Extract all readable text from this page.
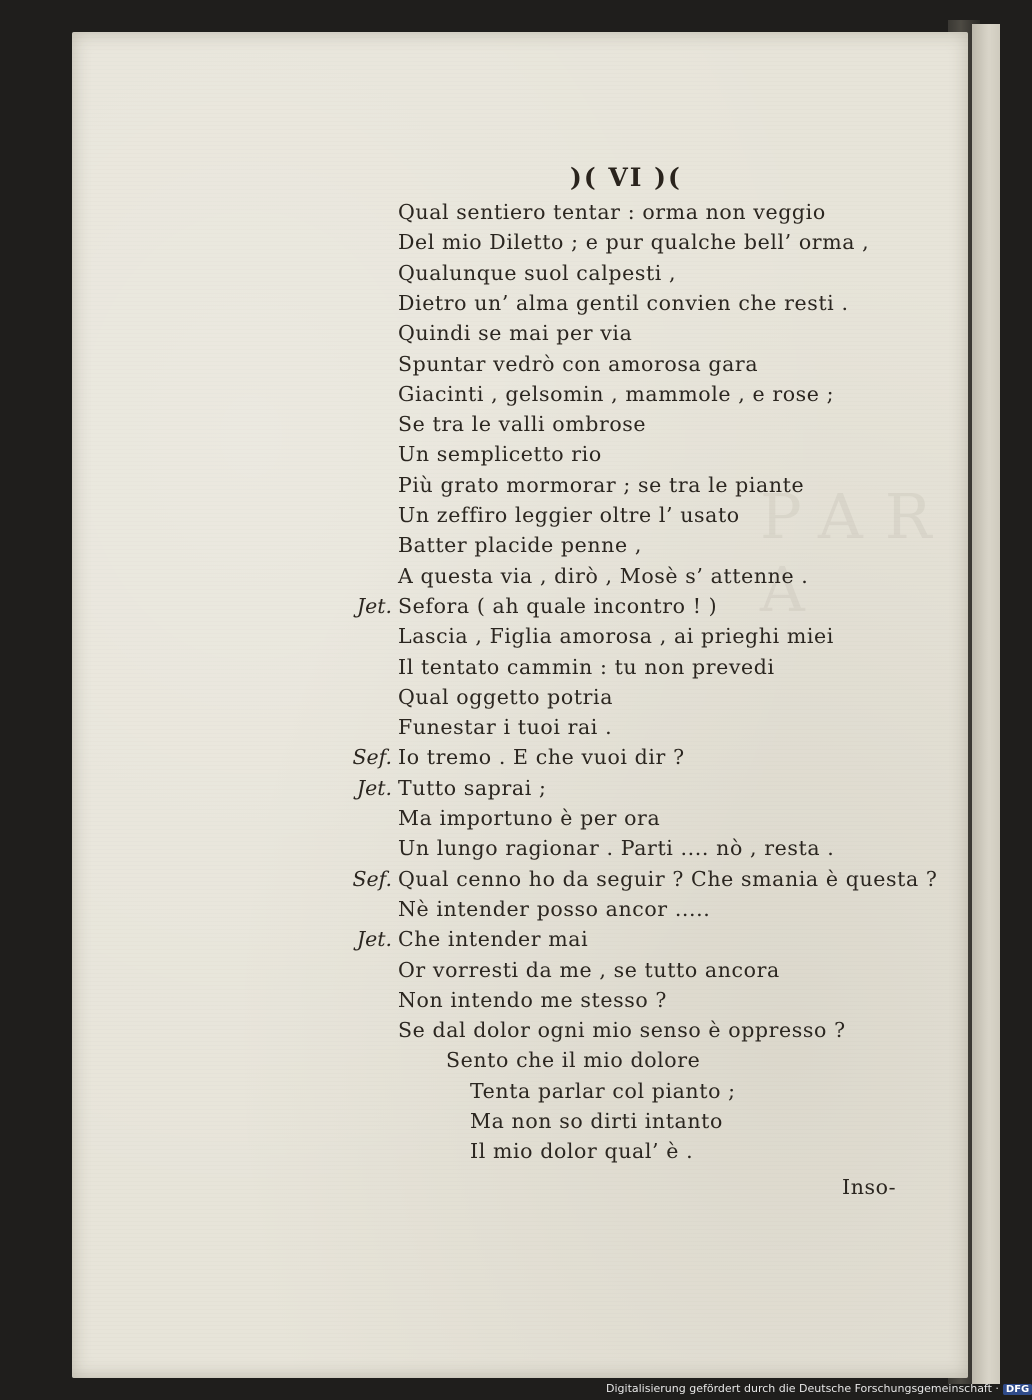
PAR A
)( VI )(
Qual sentiero tentar : orma non veggio
Del mio Diletto ; e pur qualche bell’ orma ,
Qualunque suol calpesti ,
Dietro un’ alma gentil convien che resti .
Quindi se mai per via
Spuntar vedrò con amorosa gara
Giacinti , gelsomin , mammole , e rose ;
Se tra le valli ombrose
Un semplicetto rio
Più grato mormorar ; se tra le piante
Un zeffiro leggier oltre l’ usato
Batter placide penne ,
A questa via , dirò , Mosè s’ attenne .
Jet. Sefora ( ah quale incontro ! )
Lascia , Figlia amorosa , ai prieghi miei
Il tentato cammin : tu non prevedi
Qual oggetto potria
Funestar i tuoi rai .
Sef. Io tremo . E che vuoi dir ?
Jet. Tutto saprai ;
Ma importuno è per ora
Un lungo ragionar . Parti .... nò , resta .
Sef. Qual cenno ho da seguir ? Che smania è questa ?
Nè intender posso ancor .....
Jet. Che intender mai
Or vorresti da me , se tutto ancora
Non intendo me stesso ?
Se dal dolor ogni mio senso è oppresso ?
Sento che il mio dolore
Tenta parlar col pianto ;
Ma non so dirti intanto
Il mio dolor qual’ è .
Inso-
Digitalisierung gefördert durch die Deutsche Forschungsgemeinschaft · DFG
